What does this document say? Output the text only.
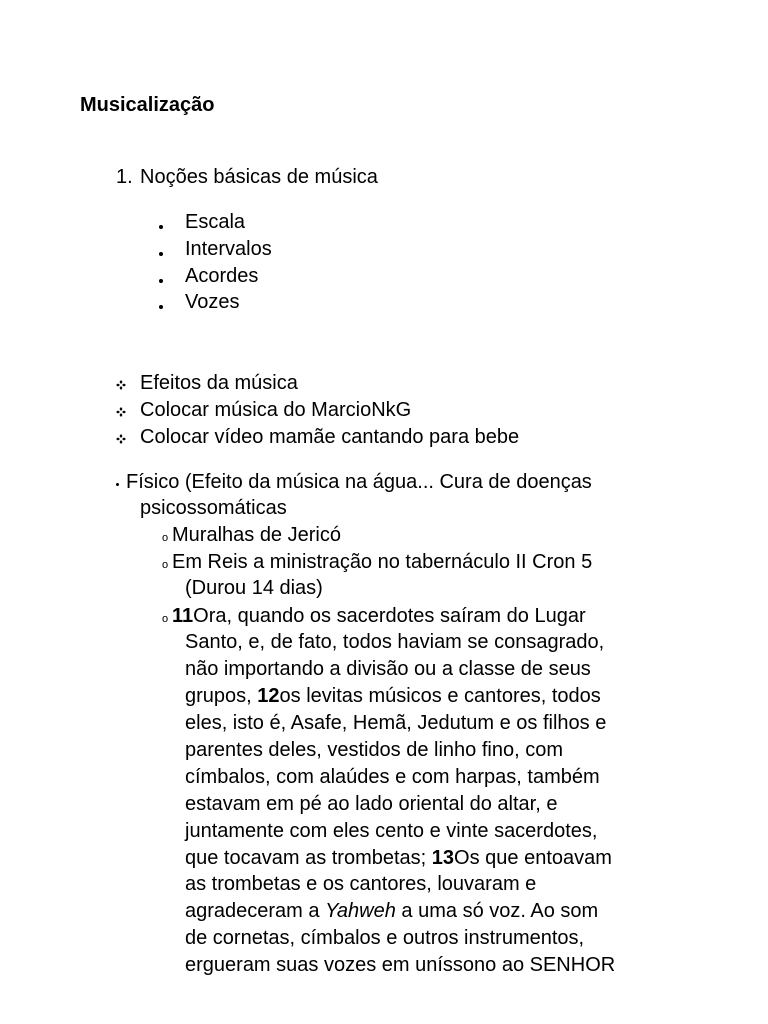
Musicalização
1. Noções básicas de música
Escala
Intervalos
Acordes
Vozes
Efeitos da música
Colocar música do MarcioNkG
Colocar vídeo mamãe cantando para bebe
Físico (Efeito da música na água... Cura de doenças
psicossomáticas
o Muralhas de Jericó
o Em Reis a ministração no tabernáculo II Cron 5
(Durou 14 dias)
o 11Ora, quando os sacerdotes saíram do Lugar
Santo, e, de fato, todos haviam se consagrado,
não importando a divisão ou a classe de seus
grupos, 12os levitas músicos e cantores, todos
eles, isto é, Asafe, Hemã, Jedutum e os filhos e
parentes deles, vestidos de linho fino, com
címbalos, com alaúdes e com harpas, também
estavam em pé ao lado oriental do altar, e
juntamente com eles cento e vinte sacerdotes,
que tocavam as trombetas; 13Os que entoavam
as trombetas e os cantores, louvaram e
agradeceram a Yahweh a uma só voz. Ao som
de cornetas, címbalos e outros instrumentos,
ergueram suas vozes em uníssono ao SENHOR
